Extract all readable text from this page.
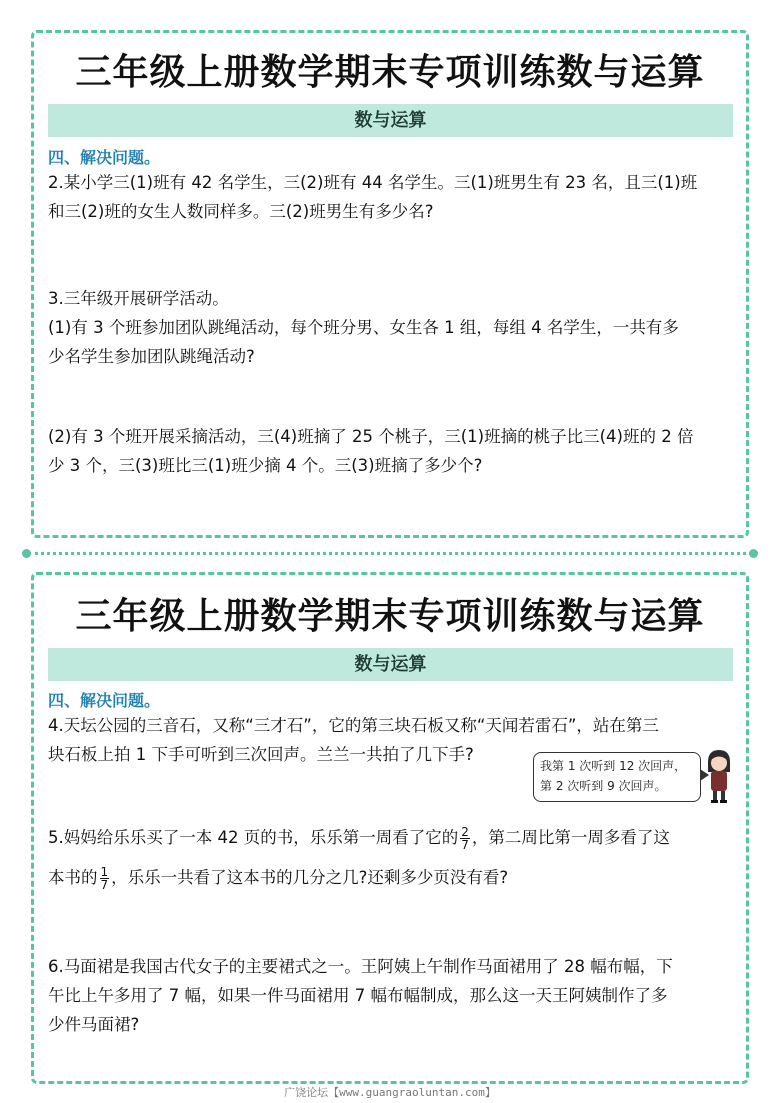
三年级上册数学期末专项训练数与运算
数与运算
四、解决问题。
2.某小学三(1)班有 42 名学生，三(2)班有 44 名学生。三(1)班男生有 23 名，且三(1)班
和三(2)班的女生人数同样多。三(2)班男生有多少名?
3.三年级开展研学活动。
(1)有 3 个班参加团队跳绳活动，每个班分男、女生各 1 组，每组 4 名学生，一共有多
少名学生参加团队跳绳活动?
(2)有 3 个班开展采摘活动，三(4)班摘了 25 个桃子，三(1)班摘的桃子比三(4)班的 2 倍
少 3 个，三(3)班比三(1)班少摘 4 个。三(3)班摘了多少个?
三年级上册数学期末专项训练数与运算
数与运算
四、解决问题。
4.天坛公园的三音石，又称“三才石”，它的第三块石板又称“天闻若雷石”，站在第三
块石板上拍 1 下手可听到三次回声。兰兰一共拍了几下手?
我第 1 次听到 12 次回声，
第 2 次听到 9 次回声。
5.妈妈给乐乐买了一本 42 页的书，乐乐第一周看了它的 $\frac{2}{7}$ ，第二周比第一周多看了这
本书的 $\frac{1}{7}$ ，乐乐一共看了这本书的几分之几?还剩多少页没有看?
6.马面裙是我国古代女子的主要裙式之一。王阿姨上午制作马面裙用了 28 幅布幅，下
午比上午多用了 7 幅，如果一件马面裙用 7 幅布幅制成，那么这一天王阿姨制作了多
少件马面裙?
广饶论坛【www.guangraoluntan.com】
